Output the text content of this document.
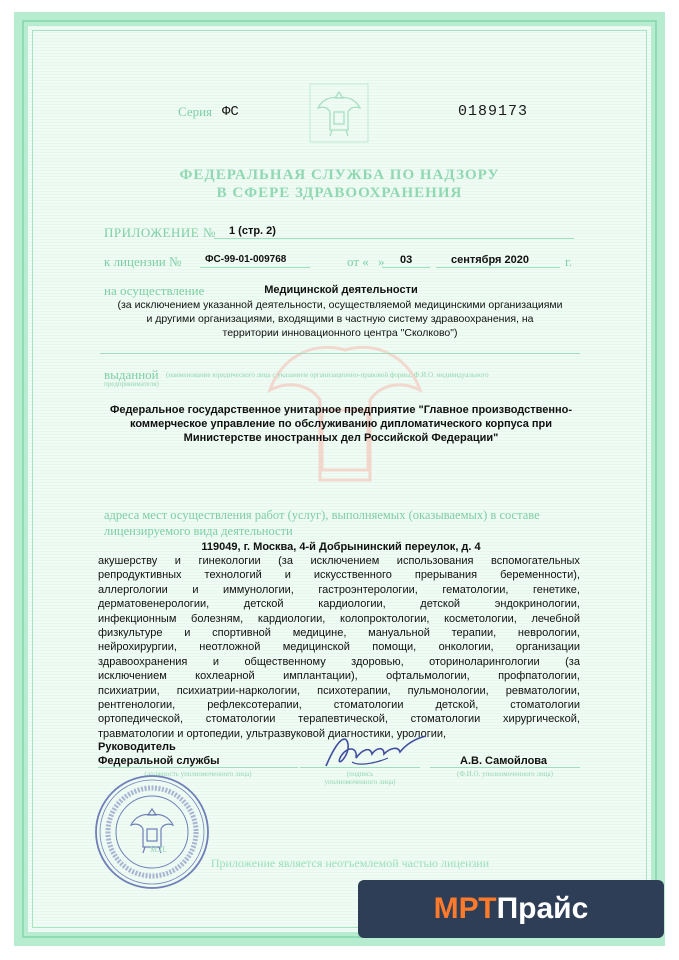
Серия ФС	0189173
ФЕДЕРАЛЬНАЯ СЛУЖБА ПО НАДЗОРУ
В СФЕРЕ ЗДРАВООХРАНЕНИЯ
ПРИЛОЖЕНИЕ № 1 (стр. 2)
к лицензии № ФС-99-01-009768	от « » 03	сентября 2020	г.
на осуществление	Медицинской деятельности
(за исключением указанной деятельности, осуществляемой медицинскими организациями
и другими организациями, входящими в частную систему здравоохранения, на
территории инновационного центра "Сколково")
выданной (наименование юридического лица с указанием организационно-правовой формы, Ф.И.О. индивидуального
предпринимателя)
Федеральное государственное унитарное предприятие "Главное производственно-
коммерческое управление по обслуживанию дипломатического корпуса при
Министерстве иностранных дел Российской Федерации"
адреса мест осуществления работ (услуг), выполняемых (оказываемых) в составе
лицензируемого вида деятельности
119049, г. Москва, 4-й Добрынинский переулок, д. 4
акушерству и гинекологии (за исключением использования вспомогательных
репродуктивных технологий и искусственного прерывания беременности),
аллергологии и иммунологии, гастроэнтерологии, гематологии, генетике,
дерматовенерологии,	детской	кардиологии,	детской	эндокринологии,
инфекционным болезням, кардиологии, колопроктологии, косметологии, лечебной
физкультуре и спортивной медицине, мануальной терапии, неврологии,
нейрохирургии, неотложной медицинской помощи, онкологии, организации
здравоохранения и общественному здоровью, оториноларингологии (за
исключением	кохлеарной	имплантации),	офтальмологии,	профпатологии,
психиатрии, психиатрии-наркологии, психотерапии, пульмонологии, ревматологии,
рентгенологии,	рефлексотерапии,	стоматологии	детской,	стоматологии
ортопедической, стоматологии терапевтической, стоматологии хирургической,
травматологии и ортопедии, ультразвуковой диагностики, урологии,
Руководитель
Федеральной службы
(должность уполномоченного лица)	(подпись
уполномоченного лица)
А.В. Самойлова
(Ф.И.О. уполномоченного лица)
М.П.
Приложение является неотъемлемой частью лицензии
МРТ Прайс
